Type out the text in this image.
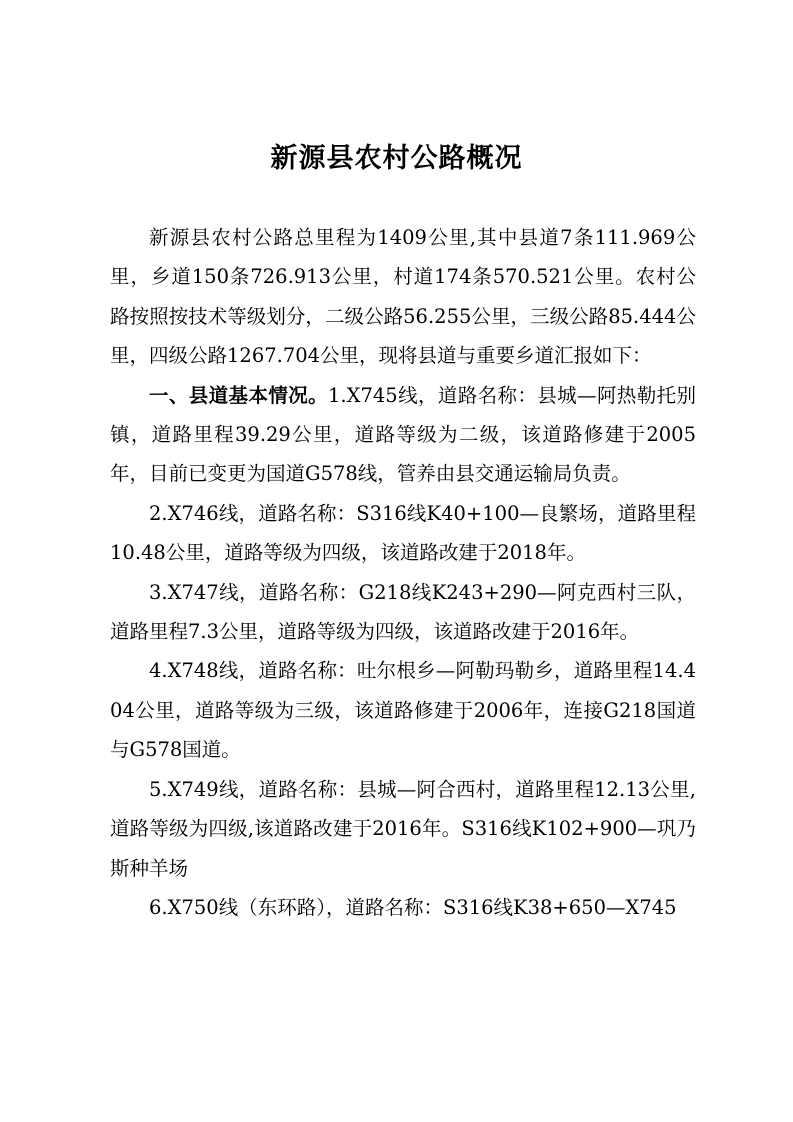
新源县农村公路概况

新源县农村公路总里程为1409公里,其中县道7条111.969公里，乡道150条726.913公里，村道174条570.521公里。农村公路按照按技术等级划分，二级公路56.255公里，三级公路85.444公里，四级公路1267.704公里，现将县道与重要乡道汇报如下：

一、县道基本情况。1.X745线，道路名称：县城—阿热勒托别镇，道路里程39.29公里，道路等级为二级，该道路修建于2005年，目前已变更为国道G578线，管养由县交通运输局负责。

2.X746线，道路名称：S316线K40+100—良繁场，道路里程10.48公里，道路等级为四级，该道路改建于2018年。

3.X747线，道路名称：G218线K243+290—阿克西村三队，道路里程7.3公里，道路等级为四级，该道路改建于2016年。

4.X748线，道路名称：吐尔根乡—阿勒玛勒乡，道路里程14.404公里，道路等级为三级，该道路修建于2006年，连接G218国道与G578国道。

5.X749线，道路名称：县城—阿合西村，道路里程12.13公里,道路等级为四级,该道路改建于2016年。S316线K102+900—巩乃斯种羊场

6.X750线（东环路），道路名称：S316线K38+650—X745
